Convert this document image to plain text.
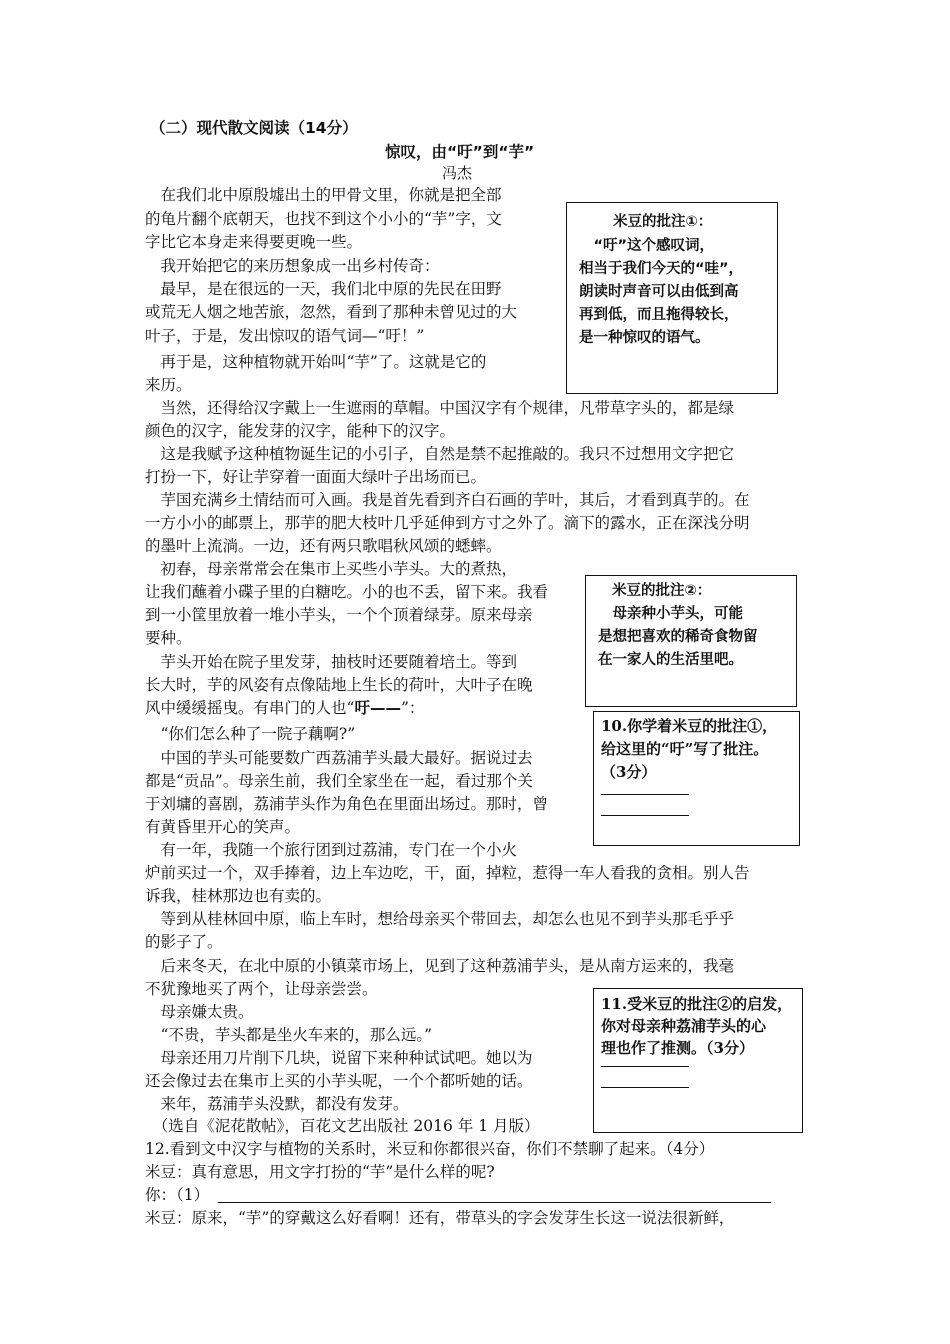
（二）现代散文阅读（14分）
惊叹，由“吁”到“芋”
冯杰
　在我们北中原殷墟出土的甲骨文里，你就是把全部
的龟片翻个底朝天，也找不到这个小小的“芋”字，文
字比它本身走来得要更晚一些。
　我开始把它的来历想象成一出乡村传奇：
　最早，是在很远的一天，我们北中原的先民在田野
或荒无人烟之地苦旅，忽然，看到了那种未曾见过的大
叶子，于是，发出惊叹的语气词—“吁！”
　再于是，这种植物就开始叫“芋”了。这就是它的
来历。
　当然，还得给汉字戴上一生遮雨的草帽。中国汉字有个规律，凡带草字头的，都是绿
颜色的汉字，能发芽的汉字，能种下的汉字。
　这是我赋予这种植物诞生记的小引子，自然是禁不起推敲的。我只不过想用文字把它
打扮一下，好让芋穿着一面面大绿叶子出场而已。
　芋国充满乡土情结而可入画。我是首先看到齐白石画的芋叶，其后，才看到真芋的。在
一方小小的邮票上，那芋的肥大枝叶几乎延伸到方寸之外了。滴下的露水，正在深浅分明
的墨叶上流淌。一边，还有两只歌唱秋风颂的蟋蟀。
　初春，母亲常常会在集市上买些小芋头。大的煮热，
让我们蘸着小碟子里的白糖吃。小的也不丢，留下来。我看
到一小筐里放着一堆小芋头，一个个顶着绿芽。原来母亲
要种。
　芋头开始在院子里发芽，抽枝时还要随着培土。等到
长大时，芋的风姿有点像陆地上生长的荷叶，大叶子在晚
风中缓缓摇曳。有串门的人也“吁——”：
　“你们怎么种了一院子藕啊?”
　中国的芋头可能要数广西荔浦芋头最大最好。据说过去
都是“贡品”。母亲生前，我们全家坐在一起，看过那个关
于刘墉的喜剧，荔浦芋头作为角色在里面出场过。那时，曾
有黄昏里开心的笑声。
　有一年，我随一个旅行团到过荔浦，专门在一个小火
炉前买过一个，双手捧着，边上车边吃，干，面，掉粒，惹得一车人看我的贪相。别人告
诉我，桂林那边也有卖的。
　等到从桂林回中原，临上车时，想给母亲买个带回去，却怎么也见不到芋头那毛乎乎
的影子了。
　后来冬天，在北中原的小镇菜市场上，见到了这种荔浦芋头，是从南方运来的，我毫
不犹豫地买了两个，让母亲尝尝。
　母亲嫌太贵。
　“不贵，芋头都是坐火车来的，那么远。”
　母亲还用刀片削下几块，说留下来种种试试吧。她以为
还会像过去在集市上买的小芋头呢，一个个都听她的话。
　来年，荔浦芋头没默，都没有发芽。
　（选自《泥花散帖》，百花文艺出版社 2016 年 1 月版）
米豆的批注①：
　“吁”这个感叹词，
相当于我们今天的“哇”，
朗读时声音可以由低到高
再到低，而且拖得较长，
是一种惊叹的语气。
米豆的批注②：
　母亲种小芋头，可能
是想把喜欢的稀奇食物留
在一家人的生活里吧。
10.你学着米豆的批注①，
给这里的“吁”写了批注。
（3分）
11.受米豆的批注②的启发，
你对母亲种荔浦芋头的心
理也作了推测。（3分）
12.看到文中汉字与植物的关系时，米豆和你都很兴奋，你们不禁聊了起来。（4分）
米豆：真有意思，用文字打扮的“芋”是什么样的呢?
你：（1）
米豆：原来，“芋”的穿戴这么好看啊！还有，带草头的字会发芽生长这一说法很新鲜，
